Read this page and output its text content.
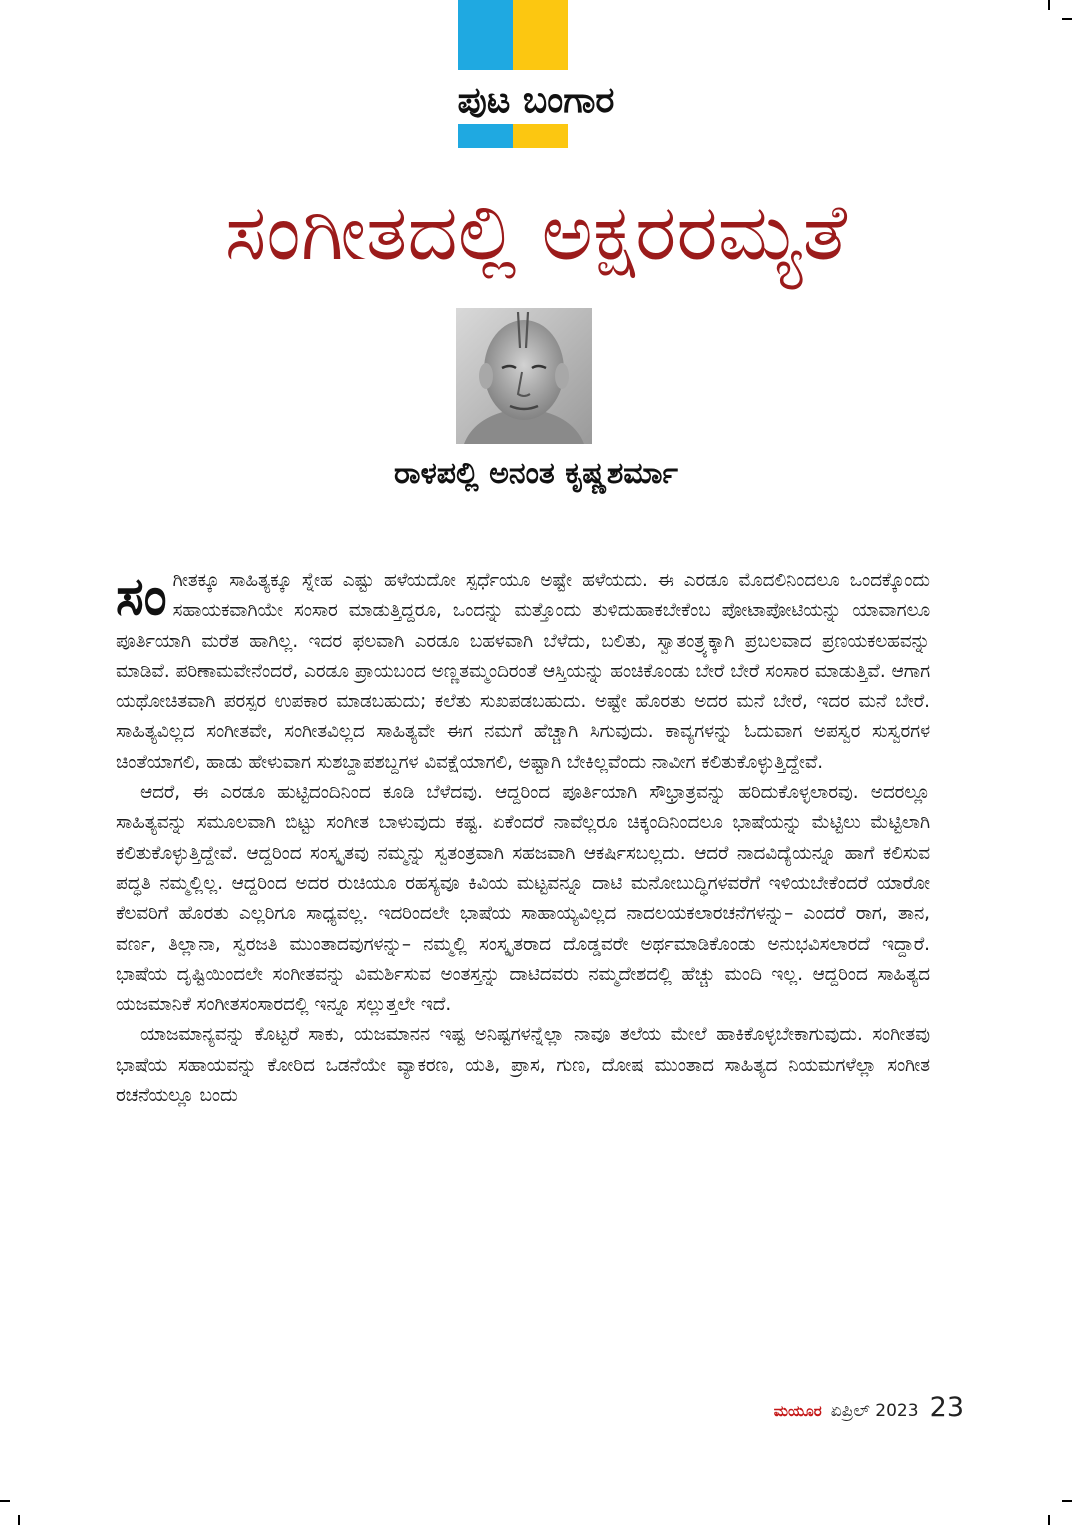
ಪುಟ ಬಂಗಾರ
ಸಂಗೀತದಲ್ಲಿ ಅಕ್ಷರರಮ್ಯತೆ
ರಾಳಪಲ್ಲಿ ಅನಂತ ಕೃಷ್ಣಶರ್ಮಾ

ಸಂ ಗೀತಕ್ಕೂ ಸಾಹಿತ್ಯಕ್ಕೂ ಸ್ನೇಹ ಎಷ್ಟು ಹಳೆಯದೋ ಸ್ಪರ್ಧೆಯೂ ಅಷ್ಟೇ ಹಳೆಯದು. ಈ ಎರಡೂ ಮೊದಲಿನಿಂದಲೂ ಒಂದಕ್ಕೊಂದು ಸಹಾಯಕವಾಗಿಯೇ ಸಂಸಾರ ಮಾಡುತ್ತಿದ್ದರೂ, ಒಂದನ್ನು ಮತ್ತೊಂದು ತುಳಿದುಹಾಕಬೇಕೆಂಬ ಪೋಟಾಪೋಟಿಯನ್ನು ಯಾವಾಗಲೂ ಪೂರ್ತಿಯಾಗಿ ಮರೆತ ಹಾಗಿಲ್ಲ. ಇದರ ಫಲವಾಗಿ ಎರಡೂ ಬಹಳವಾಗಿ ಬೆಳೆದು, ಬಲಿತು, ಸ್ವಾತಂತ್ರ್ಯಕ್ಕಾಗಿ ಪ್ರಬಲವಾದ ಪ್ರಣಯಕಲಹವನ್ನು ಮಾಡಿವೆ. ಪರಿಣಾಮವೇನೆಂದರೆ, ಎರಡೂ ಪ್ರಾಯಬಂದ ಅಣ್ಣತಮ್ಮಂದಿರಂತೆ ಆಸ್ತಿಯನ್ನು ಹಂಚಿಕೊಂಡು ಬೇರೆ ಬೇರೆ ಸಂಸಾರ ಮಾಡುತ್ತಿವೆ. ಆಗಾಗ ಯಥೋಚಿತವಾಗಿ ಪರಸ್ಪರ ಉಪಕಾರ ಮಾಡಬಹುದು; ಕಲೆತು ಸುಖಪಡಬಹುದು. ಅಷ್ಟೇ ಹೊರತು ಅದರ ಮನೆ ಬೇರೆ, ಇದರ ಮನೆ ಬೇರೆ. ಸಾಹಿತ್ಯವಿಲ್ಲದ ಸಂಗೀತವೇ, ಸಂಗೀತವಿಲ್ಲದ ಸಾಹಿತ್ಯವೇ ಈಗ ನಮಗೆ ಹೆಚ್ಚಾಗಿ ಸಿಗುವುದು. ಕಾವ್ಯಗಳನ್ನು ಓದುವಾಗ ಅಪಸ್ವರ ಸುಸ್ವರಗಳ ಚಿಂತೆಯಾಗಲಿ, ಹಾಡು ಹೇಳುವಾಗ ಸುಶಬ್ದಾಪಶಬ್ದಗಳ ವಿವಕ್ಷೆಯಾಗಲಿ, ಅಷ್ಟಾಗಿ ಬೇಕಿಲ್ಲವೆಂದು ನಾವೀಗ ಕಲಿತುಕೊಳ್ಳುತ್ತಿದ್ದೇವೆ.

ಆದರೆ, ಈ ಎರಡೂ ಹುಟ್ಟಿದಂದಿನಿಂದ ಕೂಡಿ ಬೆಳೆದವು. ಆದ್ದರಿಂದ ಪೂರ್ತಿಯಾಗಿ ಸೌಭ್ರಾತ್ರವನ್ನು ಹರಿದುಕೊಳ್ಳಲಾರವು. ಅದರಲ್ಲೂ ಸಾಹಿತ್ಯವನ್ನು ಸಮೂಲವಾಗಿ ಬಿಟ್ಟು ಸಂಗೀತ ಬಾಳುವುದು ಕಷ್ಟ. ಏಕೆಂದರೆ ನಾವೆಲ್ಲರೂ ಚಿಕ್ಕಂದಿನಿಂದಲೂ ಭಾಷೆಯನ್ನು ಮೆಟ್ಟಿಲು ಮೆಟ್ಟಿಲಾಗಿ ಕಲಿತುಕೊಳ್ಳುತ್ತಿದ್ದೇವೆ. ಆದ್ದರಿಂದ ಸಂಸ್ಕೃತವು ನಮ್ಮನ್ನು ಸ್ವತಂತ್ರವಾಗಿ ಸಹಜವಾಗಿ ಆಕರ್ಷಿಸಬಲ್ಲದು. ಆದರೆ ನಾದವಿದ್ಯೆಯನ್ನೂ ಹಾಗೆ ಕಲಿಸುವ ಪದ್ಧತಿ ನಮ್ಮಲ್ಲಿಲ್ಲ. ಆದ್ದರಿಂದ ಅದರ ರುಚಿಯೂ ರಹಸ್ಯವೂ ಕಿವಿಯ ಮಟ್ಟವನ್ನೂ ದಾಟಿ ಮನೋಬುದ್ಧಿಗಳವರೆಗೆ ಇಳಿಯಬೇಕೆಂದರೆ ಯಾರೋ ಕೆಲವರಿಗೆ ಹೊರತು ಎಲ್ಲರಿಗೂ ಸಾಧ್ಯವಲ್ಲ. ಇದರಿಂದಲೇ ಭಾಷೆಯ ಸಾಹಾಯ್ಯವಿಲ್ಲದ ನಾದಲಯಕಲಾರಚನೆಗಳನ್ನು– ಎಂದರೆ ರಾಗ, ತಾನ, ವರ್ಣ, ತಿಲ್ಲಾನಾ, ಸ್ವರಜತಿ ಮುಂತಾದವುಗಳನ್ನು– ನಮ್ಮಲ್ಲಿ ಸಂಸ್ಕೃತರಾದ ದೊಡ್ಡವರೇ ಅರ್ಥಮಾಡಿಕೊಂಡು ಅನುಭವಿಸಲಾರದೆ ಇದ್ದಾರೆ. ಭಾಷೆಯ ದೃಷ್ಟಿಯಿಂದಲೇ ಸಂಗೀತವನ್ನು ವಿಮರ್ಶಿಸುವ ಅಂತಸ್ತನ್ನು ದಾಟಿದವರು ನಮ್ಮದೇಶದಲ್ಲಿ ಹೆಚ್ಚು ಮಂದಿ ಇಲ್ಲ. ಆದ್ದರಿಂದ ಸಾಹಿತ್ಯದ ಯಜಮಾನಿಕೆ ಸಂಗೀತಸಂಸಾರದಲ್ಲಿ ಇನ್ನೂ ಸಲ್ಲುತ್ತಲೇ ಇದೆ.

ಯಾಜಮಾನ್ಯವನ್ನು ಕೊಟ್ಟರೆ ಸಾಕು, ಯಜಮಾನನ ಇಷ್ಟ ಅನಿಷ್ಟಗಳನ್ನೆಲ್ಲಾ ನಾವೂ ತಲೆಯ ಮೇಲೆ ಹಾಕಿಕೊಳ್ಳಬೇಕಾಗುವುದು. ಸಂಗೀತವು ಭಾಷೆಯ ಸಹಾಯವನ್ನು ಕೋರಿದ ಒಡನೆಯೇ ವ್ಯಾಕರಣ, ಯತಿ, ಪ್ರಾಸ, ಗುಣ, ದೋಷ ಮುಂತಾದ ಸಾಹಿತ್ಯದ ನಿಯಮಗಳೆಲ್ಲಾ ಸಂಗೀತ ರಚನೆಯಲ್ಲೂ ಬಂದು

ಮಯೂರ ಏಪ್ರಿಲ್ 2023 23
